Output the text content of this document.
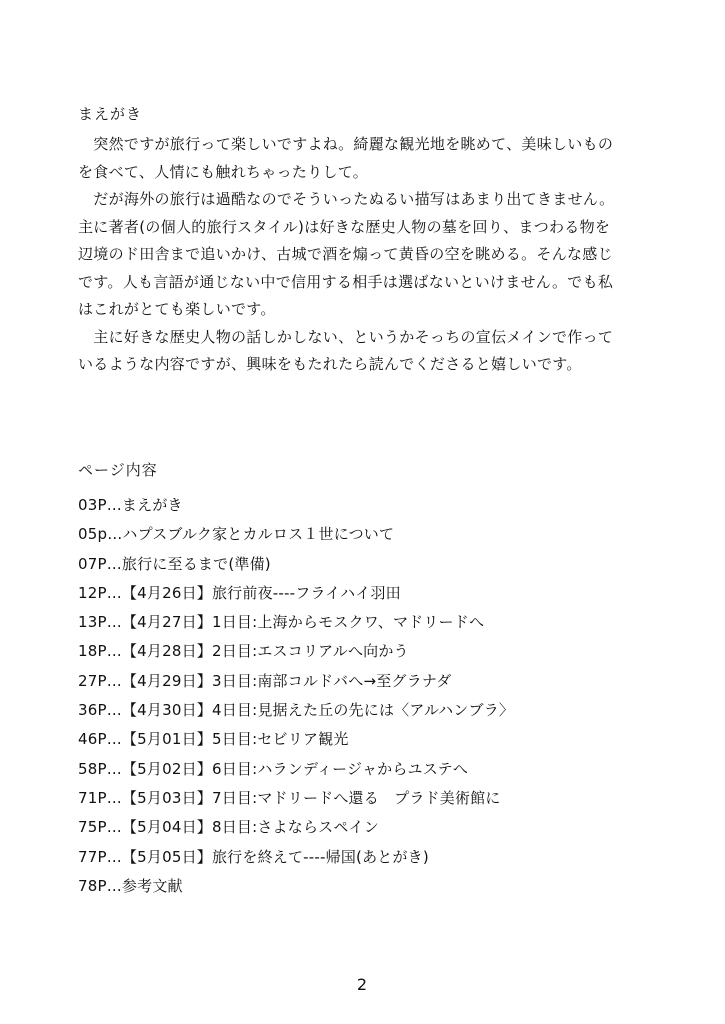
まえがき
　突然ですが旅行って楽しいですよね。綺麗な観光地を眺めて、美味しいもの
を食べて、人情にも触れちゃったりして。
　だが海外の旅行は過酷なのでそういったぬるい描写はあまり出てきません。
主に著者(の個人的旅行スタイル)は好きな歴史人物の墓を回り、まつわる物を
辺境のド田舎まで追いかけ、古城で酒を煽って黄昏の空を眺める。そんな感じ
です。人も言語が通じない中で信用する相手は選ばないといけません。でも私
はこれがとても楽しいです。
　主に好きな歴史人物の話しかしない、というかそっちの宣伝メインで作って
いるような内容ですが、興味をもたれたら読んでくださると嬉しいです。
ページ内容
03P…まえがき
05p…ハプスブルク家とカルロス１世について
07P…旅行に至るまで(準備)
12P…【4月26日】旅行前夜----フライハイ羽田
13P…【4月27日】1日目:上海からモスクワ、マドリードへ
18P…【4月28日】2日目:エスコリアルへ向かう
27P…【4月29日】3日目:南部コルドバへ→至グラナダ
36P…【4月30日】4日目:見据えた丘の先には〈アルハンブラ〉
46P…【5月01日】5日目:セビリア観光
58P…【5月02日】6日目:ハランディージャからユステへ
71P…【5月03日】7日目:マドリードへ還る　プラド美術館に
75P…【5月04日】8日目:さよならスペイン
77P…【5月05日】旅行を終えて----帰国(あとがき)
78P…参考文献
2
